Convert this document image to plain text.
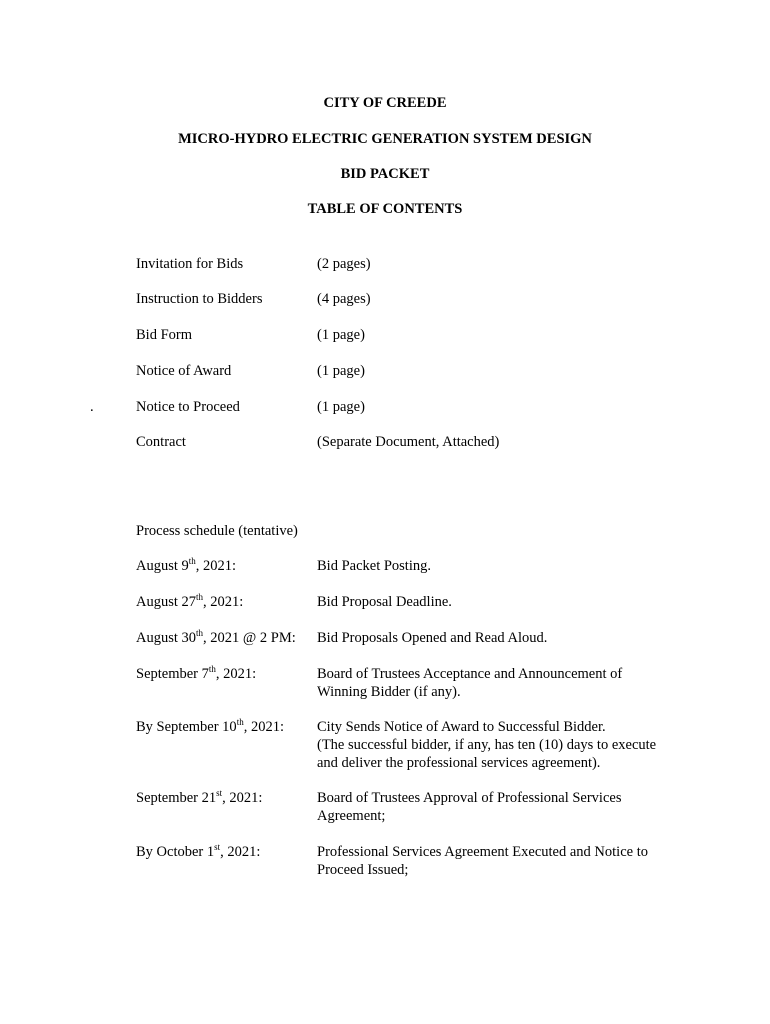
CITY OF CREEDE
MICRO-HYDRO ELECTRIC GENERATION SYSTEM DESIGN
BID PACKET
TABLE OF CONTENTS
Invitation for Bids	(2 pages)
Instruction to Bidders	(4 pages)
Bid Form	(1 page)
Notice of Award	(1 page)
.	Notice to Proceed	(1 page)
Contract	(Separate Document, Attached)
Process schedule (tentative)
August 9th, 2021:	Bid Packet Posting.
August 27th, 2021:	Bid Proposal Deadline.
August 30th, 2021 @ 2 PM: Bid Proposals Opened and Read Aloud.
September 7th, 2021:	Board of Trustees Acceptance and Announcement of
Winning Bidder (if any).
By September 10th, 2021: City Sends Notice of Award to Successful Bidder.
(The successful bidder, if any, has ten (10) days to execute
and deliver the professional services agreement).
September 21st, 2021:	Board of Trustees Approval of Professional Services
Agreement;
By October 1st, 2021:	Professional Services Agreement Executed and Notice to
Proceed Issued;
